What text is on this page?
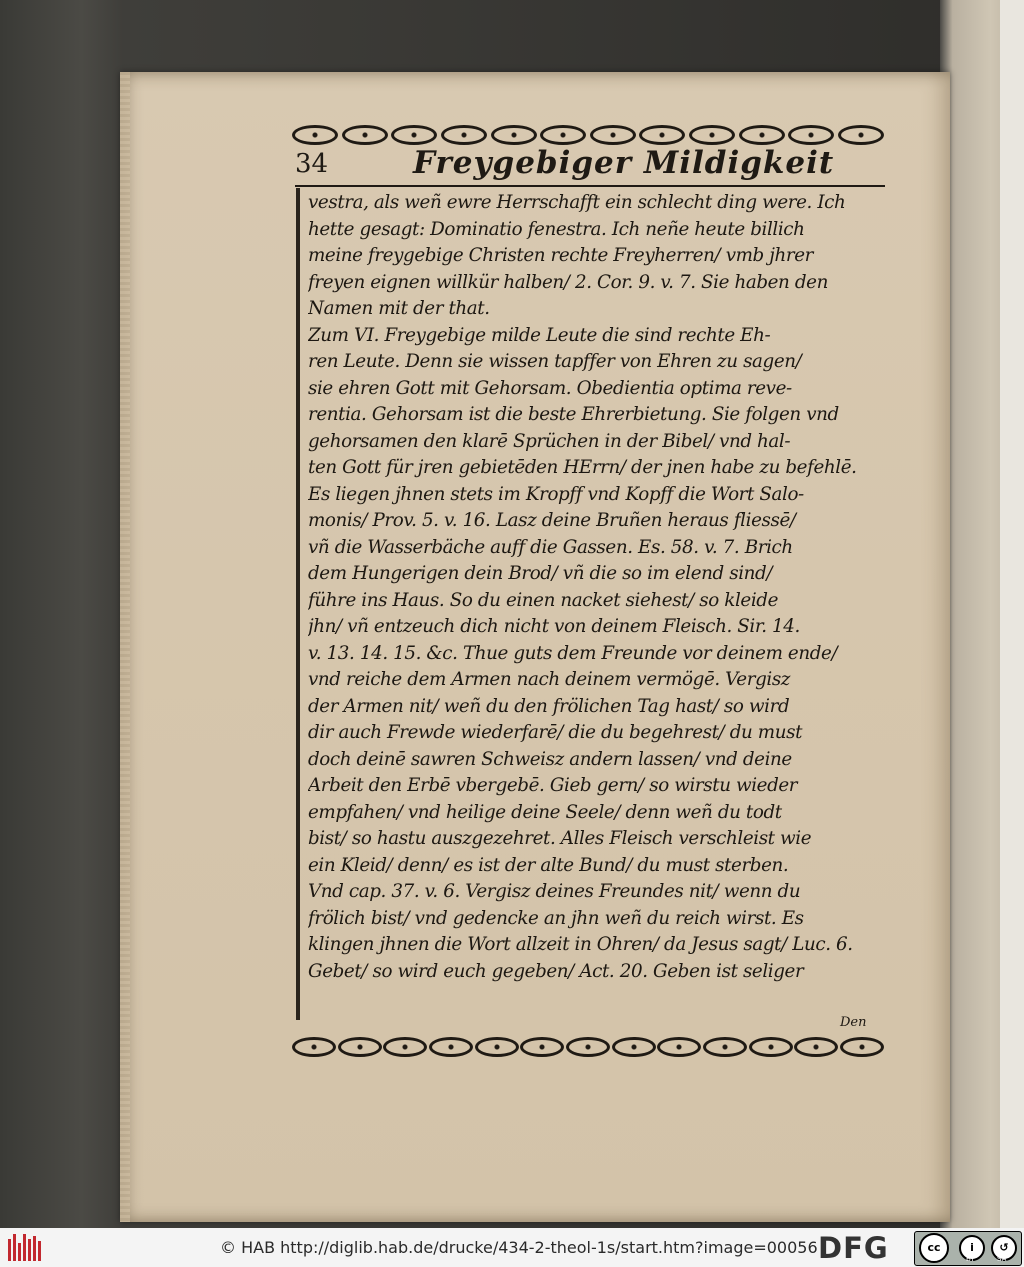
34	Freygebiger Mildigkeit
vestra, als weñ ewre Herrschafft ein schlecht ding were. Ich
hette gesagt: Dominatio fenestra. Ich neñe heute billich
meine freygebige Christen rechte Freyherren/ vmb jhrer
freyen eignen willkür halben/ 2. Cor. 9. v. 7. Sie haben den
Namen mit der that.
Zum VI. Freygebige milde Leute die sind rechte Eh-
ren Leute. Denn sie wissen tapffer von Ehren zu sagen/
sie ehren Gott mit Gehorsam. Obedientia optima reve-
rentia. Gehorsam ist die beste Ehrerbietung. Sie folgen vnd
gehorsamen den klarē Sprüchen in der Bibel/ vnd hal-
ten Gott für jren gebietēden HErrn/ der jnen habe zu befehlē.
Es liegen jhnen stets im Kropff vnd Kopff die Wort Salo-
monis/ Prov. 5. v. 16. Lasz deine Bruñen heraus fliessē/
vñ die Wasserbäche auff die Gassen. Es. 58. v. 7. Brich
dem Hungerigen dein Brod/ vñ die so im elend sind/
führe ins Haus. So du einen nacket siehest/ so kleide
jhn/ vñ entzeuch dich nicht von deinem Fleisch. Sir. 14.
v. 13. 14. 15. &c. Thue guts dem Freunde vor deinem ende/
vnd reiche dem Armen nach deinem vermögē. Vergisz
der Armen nit/ weñ du den frölichen Tag hast/ so wird
dir auch Frewde wiederfarē/ die du begehrest/ du must
doch deinē sawren Schweisz andern lassen/ vnd deine
Arbeit den Erbē vbergebē. Gieb gern/ so wirstu wieder
empfahen/ vnd heilige deine Seele/ denn weñ du todt
bist/ so hastu auszgezehret. Alles Fleisch verschleist wie
ein Kleid/ denn/ es ist der alte Bund/ du must sterben.
Vnd cap. 37. v. 6. Vergisz deines Freundes nit/ wenn du
frölich bist/ vnd gedencke an jhn weñ du reich wirst. Es
klingen jhnen die Wort allzeit in Ohren/ da Jesus sagt/ Luc. 6.
Gebet/ so wird euch gegeben/ Act. 20. Geben ist seliger
Den
© HAB http://diglib.hab.de/drucke/434-2-theol-1s/start.htm?image=00056 DFG	cc	i	↺
BY	SA
